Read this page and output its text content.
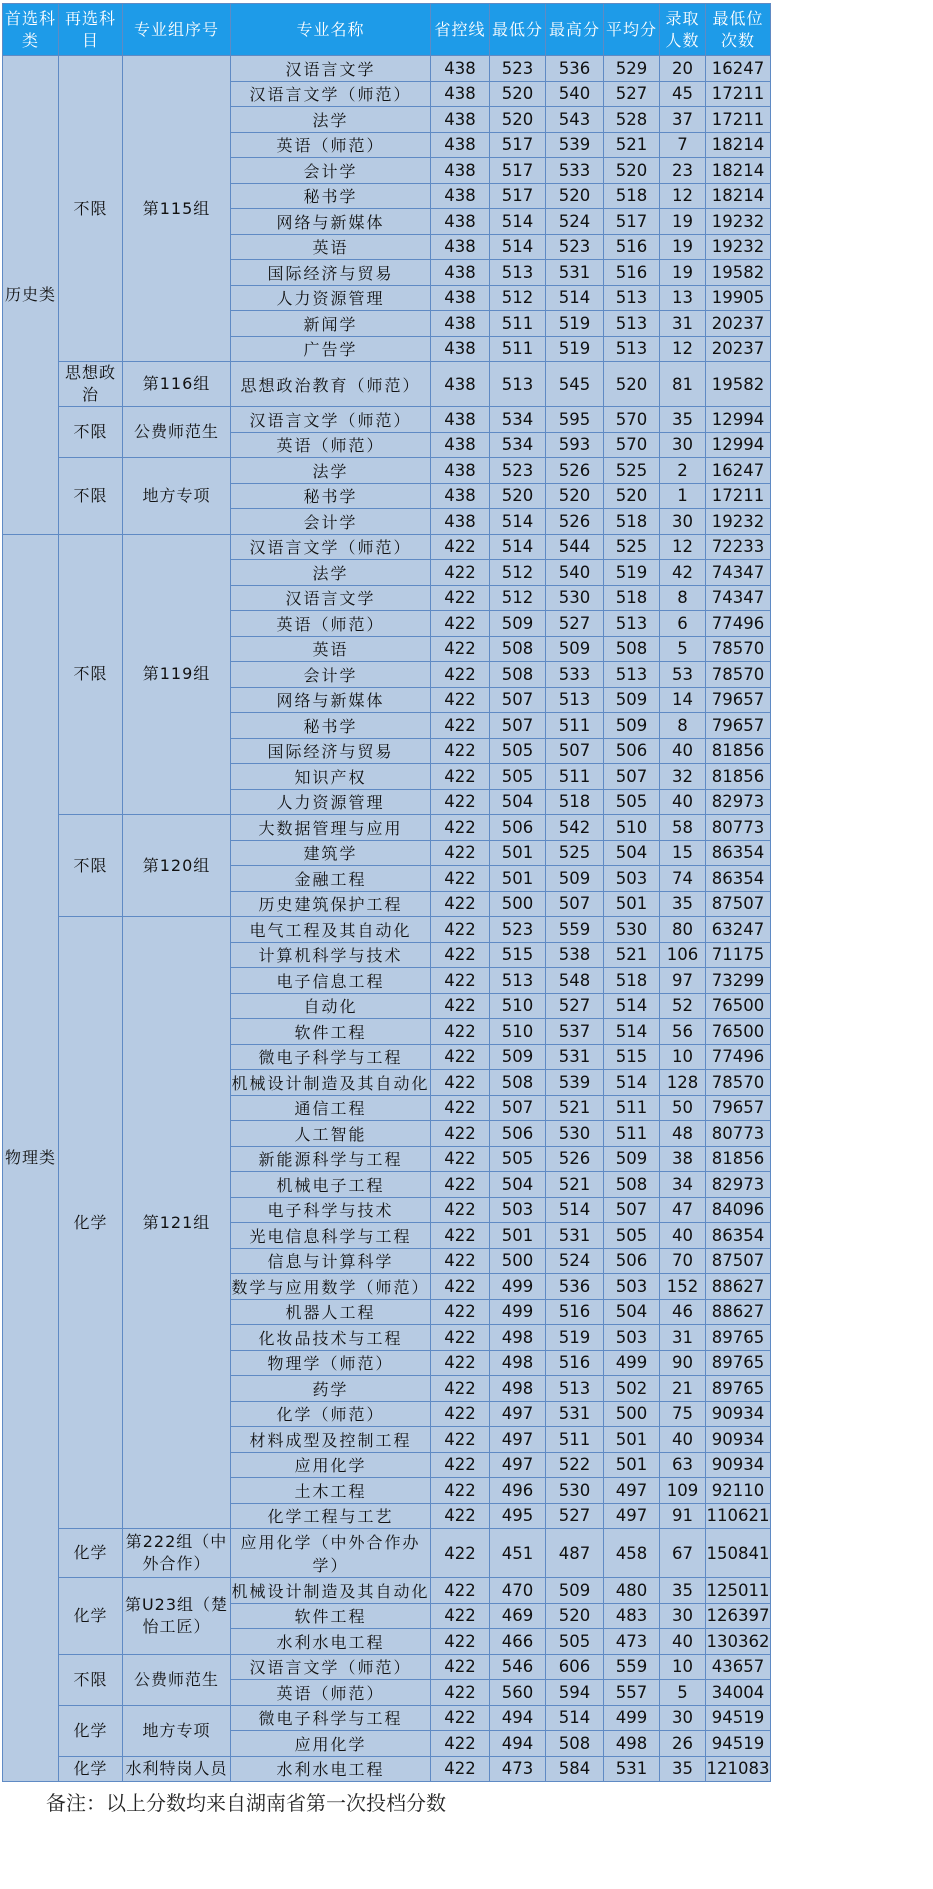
首选科类	再选科目	专业组序号	专业名称	省控线	最低分	最高分	平均分	录取人数	最低位次数
历史类	不限	第115组	汉语言文学	438	523	536	529	20	16247
			汉语言文学（师范）	438	520	540	527	45	17211
			法学	438	520	543	528	37	17211
			英语（师范）	438	517	539	521	7	18214
			会计学	438	517	533	520	23	18214
			秘书学	438	517	520	518	12	18214
			网络与新媒体	438	514	524	517	19	19232
			英语	438	514	523	516	19	19232
			国际经济与贸易	438	513	531	516	19	19582
			人力资源管理	438	512	514	513	13	19905
			新闻学	438	511	519	513	31	20237
			广告学	438	511	519	513	12	20237
	思想政治	第116组	思想政治教育（师范）	438	513	545	520	81	19582
	不限	公费师范生	汉语言文学（师范）	438	534	595	570	35	12994
			英语（师范）	438	534	593	570	30	12994
	不限	地方专项	法学	438	523	526	525	2	16247
			秘书学	438	520	520	520	1	17211
			会计学	438	514	526	518	30	19232
物理类	不限	第119组	汉语言文学（师范）	422	514	544	525	12	72233
			法学	422	512	540	519	42	74347
			汉语言文学	422	512	530	518	8	74347
			英语（师范）	422	509	527	513	6	77496
			英语	422	508	509	508	5	78570
			会计学	422	508	533	513	53	78570
			网络与新媒体	422	507	513	509	14	79657
			秘书学	422	507	511	509	8	79657
			国际经济与贸易	422	505	507	506	40	81856
			知识产权	422	505	511	507	32	81856
			人力资源管理	422	504	518	505	40	82973
	不限	第120组	大数据管理与应用	422	506	542	510	58	80773
			建筑学	422	501	525	504	15	86354
			金融工程	422	501	509	503	74	86354
			历史建筑保护工程	422	500	507	501	35	87507
	化学	第121组	电气工程及其自动化	422	523	559	530	80	63247
			计算机科学与技术	422	515	538	521	106	71175
			电子信息工程	422	513	548	518	97	73299
			自动化	422	510	527	514	52	76500
			软件工程	422	510	537	514	56	76500
			微电子科学与工程	422	509	531	515	10	77496
			机械设计制造及其自动化	422	508	539	514	128	78570
			通信工程	422	507	521	511	50	79657
			人工智能	422	506	530	511	48	80773
			新能源科学与工程	422	505	526	509	38	81856
			机械电子工程	422	504	521	508	34	82973
			电子科学与技术	422	503	514	507	47	84096
			光电信息科学与工程	422	501	531	505	40	86354
			信息与计算科学	422	500	524	506	70	87507
			数学与应用数学（师范）	422	499	536	503	152	88627
			机器人工程	422	499	516	504	46	88627
			化妆品技术与工程	422	498	519	503	31	89765
			物理学（师范）	422	498	516	499	90	89765
			药学	422	498	513	502	21	89765
			化学（师范）	422	497	531	500	75	90934
			材料成型及控制工程	422	497	511	501	40	90934
			应用化学	422	497	522	501	63	90934
			土木工程	422	496	530	497	109	92110
			化学工程与工艺	422	495	527	497	91	110621
	化学	第222组（中外合作）	应用化学（中外合作办学）	422	451	487	458	67	150841
	化学	第U23组（楚怡工匠）	机械设计制造及其自动化	422	470	509	480	35	125011
			软件工程	422	469	520	483	30	126397
			水利水电工程	422	466	505	473	40	130362
	不限	公费师范生	汉语言文学（师范）	422	546	606	559	10	43657
			英语（师范）	422	560	594	557	5	34004
	化学	地方专项	微电子科学与工程	422	494	514	499	30	94519
			应用化学	422	494	508	498	26	94519
	化学	水利特岗人员	水利水电工程	422	473	584	531	35	121083
备注：以上分数均来自湖南省第一次投档分数
